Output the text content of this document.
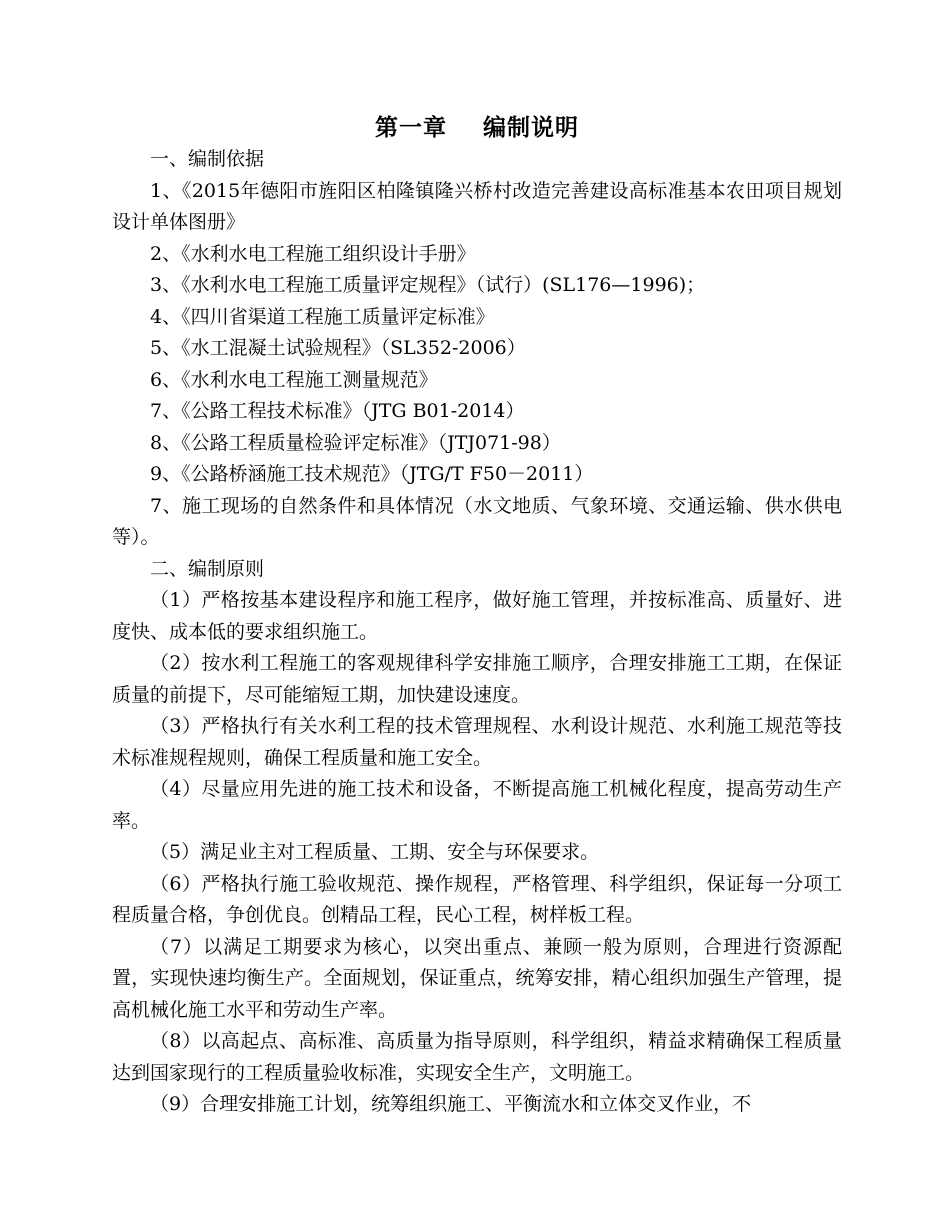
第一章    编制说明

一、编制依据

1、《2015年德阳市旌阳区柏隆镇隆兴桥村改造完善建设高标准基本农田项目规划设计单体图册》

2、《水利水电工程施工组织设计手册》

3、《水利水电工程施工质量评定规程》（试行）(SL176—1996)；

4、《四川省渠道工程施工质量评定标准》

5、《水工混凝土试验规程》（SL352-2006）

6、《水利水电工程施工测量规范》

7、《公路工程技术标准》（JTG B01-2014）

8、《公路工程质量检验评定标准》（JTJ071-98）

9、《公路桥涵施工技术规范》（JTG/T F50－2011）

7、施工现场的自然条件和具体情况（水文地质、气象环境、交通运输、供水供电等）。

二、编制原则

（1）严格按基本建设程序和施工程序，做好施工管理，并按标准高、质量好、进度快、成本低的要求组织施工。

（2）按水利工程施工的客观规律科学安排施工顺序，合理安排施工工期，在保证质量的前提下，尽可能缩短工期，加快建设速度。

（3）严格执行有关水利工程的技术管理规程、水利设计规范、水利施工规范等技术标准规程规则，确保工程质量和施工安全。

（4）尽量应用先进的施工技术和设备，不断提高施工机械化程度，提高劳动生产率。

（5）满足业主对工程质量、工期、安全与环保要求。

（6）严格执行施工验收规范、操作规程，严格管理、科学组织，保证每一分项工程质量合格，争创优良。创精品工程，民心工程，树样板工程。

（7）以满足工期要求为核心，以突出重点、兼顾一般为原则，合理进行资源配置，实现快速均衡生产。全面规划，保证重点，统筹安排，精心组织加强生产管理，提高机械化施工水平和劳动生产率。

（8）以高起点、高标准、高质量为指导原则，科学组织，精益求精确保工程质量达到国家现行的工程质量验收标准，实现安全生产，文明施工。

（9）合理安排施工计划，统筹组织施工、平衡流水和立体交叉作业，不
